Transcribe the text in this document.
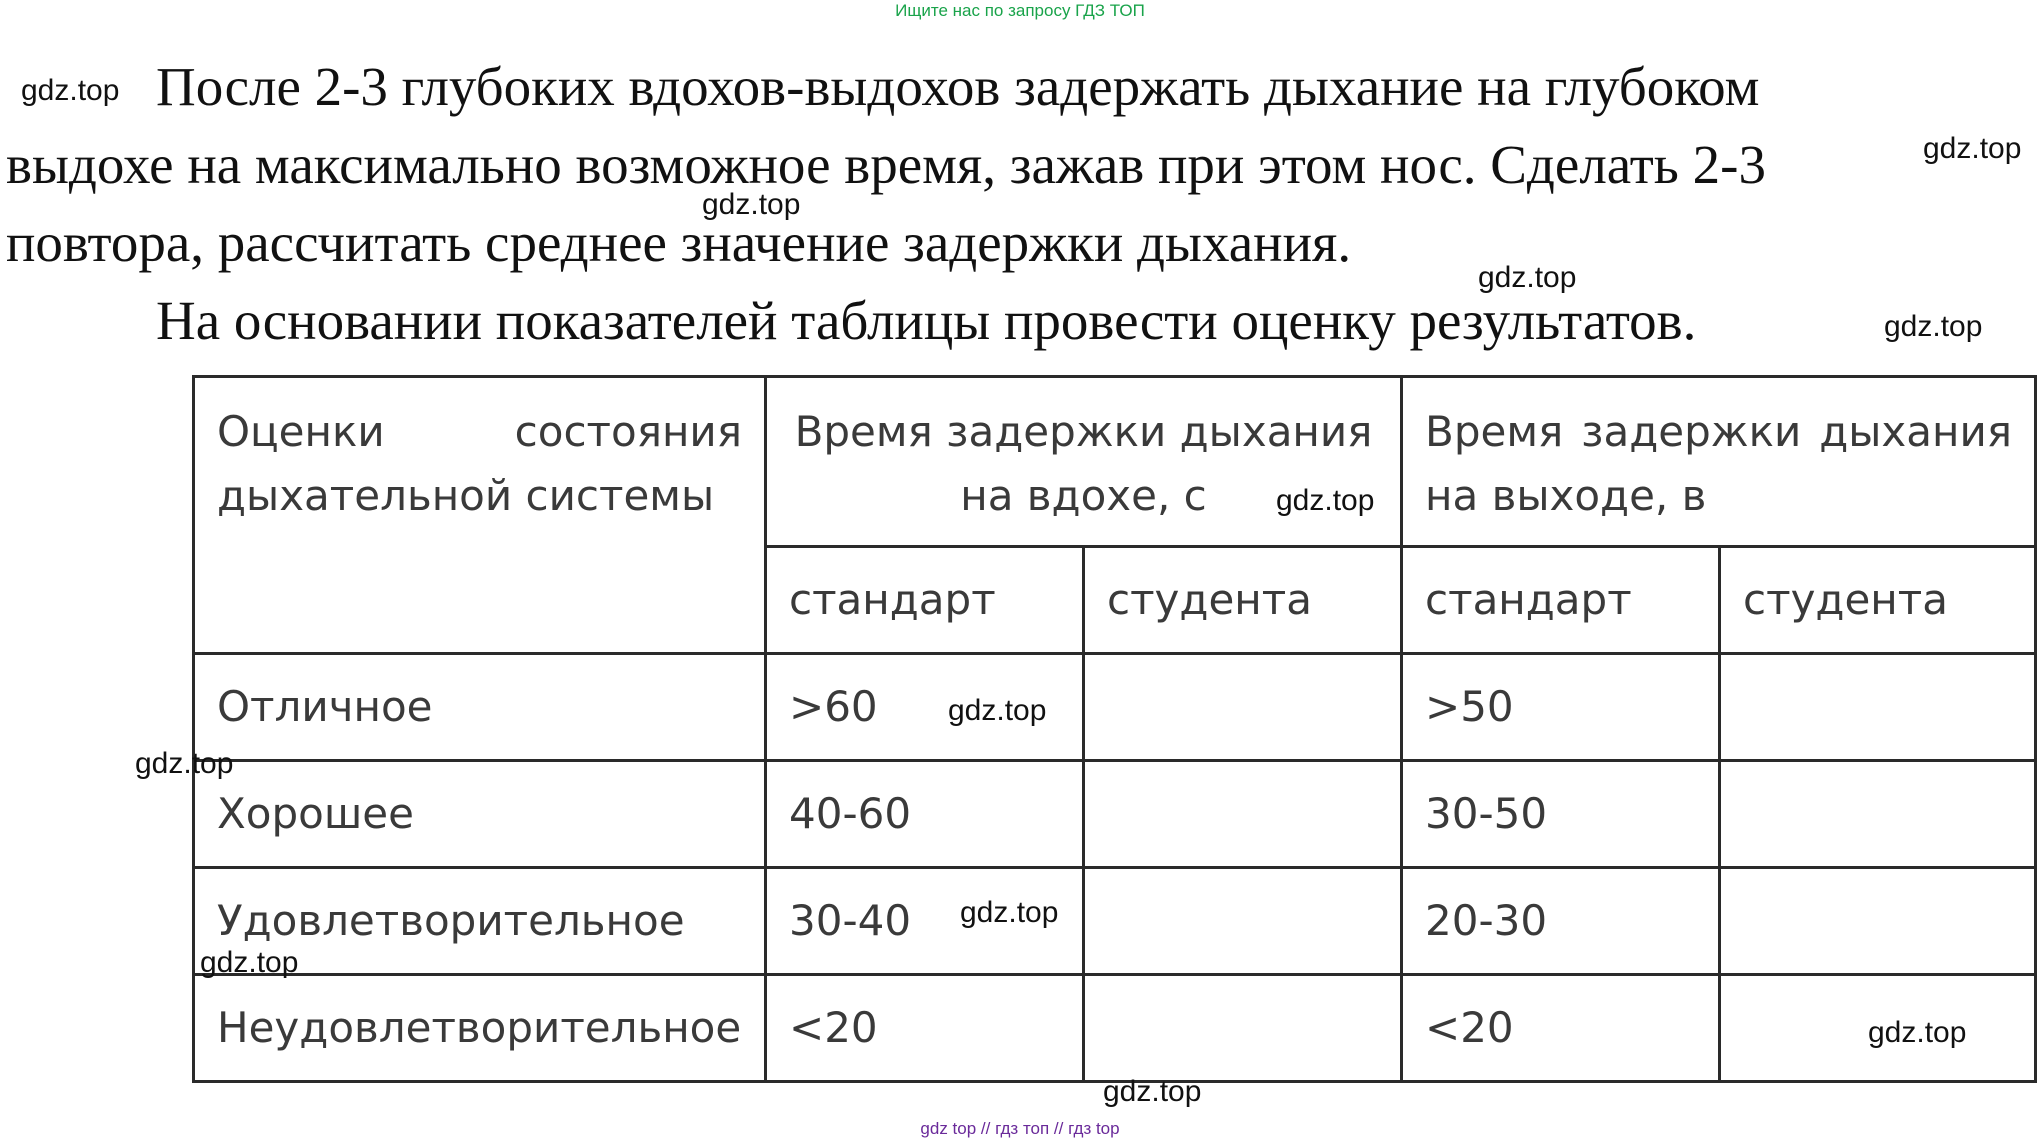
Ищите нас по запросу ГДЗ ТОП
После 2-3 глубоких вдохов-выдохов задержать дыхание на глубоком
выдохе на максимально возможное время, зажав при этом нос. Сделать 2-3
повтора, рассчитать среднее значение задержки дыхания.
На основании показателей таблицы провести оценку результатов.
Оценки состояния
дыхательной системы	Время задержки дыхания на вдохе, с		Время задержки дыхания на выходе, в	
	стандарт	студента	стандарт	студента
Отличное	>60		>50	
Хорошее	40-60		30-50	
Удовлетворительное	30-40		20-30	
Неудовлетворительное	<20		<20	
gdz.top
gdz.top
gdz.top
gdz.top
gdz.top
gdz.top
gdz.top
gdz.top
gdz.top
gdz.top
gdz.top
gdz.top
gdz top // гдз топ // гдз top
